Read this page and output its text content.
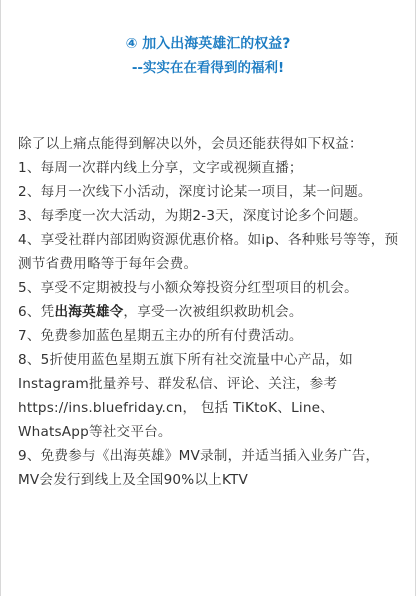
④ 加入出海英雄汇的权益?
--实实在在看得到的福利!

除了以上痛点能得到解决以外，会员还能获得如下权益：

1、每周一次群内线上分享，文字或视频直播；

2、每月一次线下小活动，深度讨论某一项目，某一问题。

3、每季度一次大活动，为期2-3天，深度讨论多个问题。

4、享受社群内部团购资源优惠价格。如ip、各种账号等等，预测节省费用略等于每年会费。

5、享受不定期被投与小额众筹投资分红型项目的机会。

6、凭出海英雄令，享受一次被组织救助机会。

7、免费参加蓝色星期五主办的所有付费活动。

8、5折使用蓝色星期五旗下所有社交流量中心产品，如Instagram批量养号、群发私信、评论、关注，参考https://ins.bluefriday.cn， 包括 TiKtoK、Line、WhatsApp等社交平台。

9、免费参与《出海英雄》MV录制，并适当插入业务广告，MV会发行到线上及全国90%以上KTV
